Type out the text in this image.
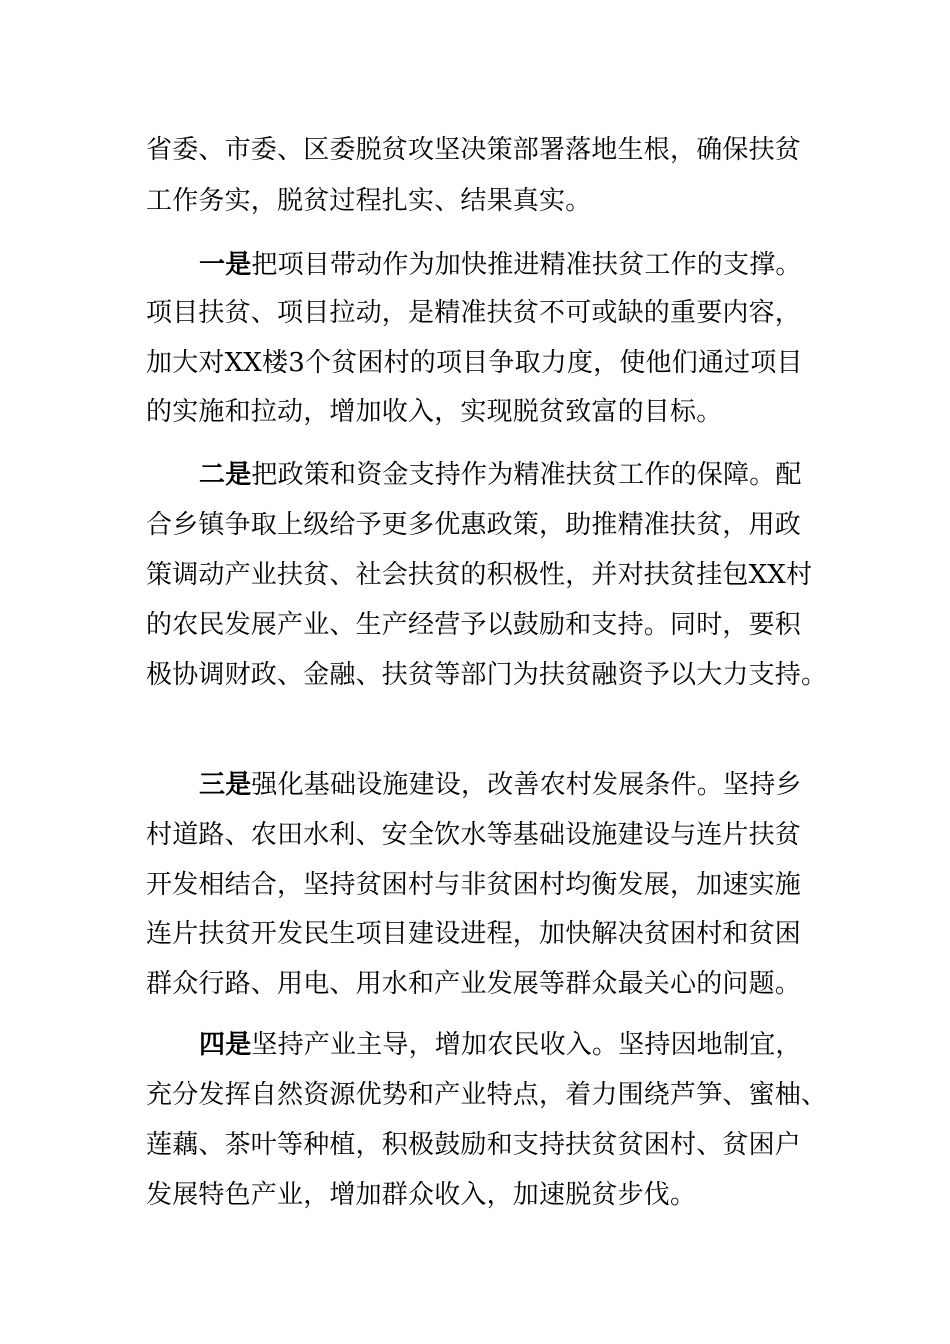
省委、市委、区委脱贫攻坚决策部署落地生根，确保扶贫
工作务实，脱贫过程扎实、结果真实。
一是把项目带动作为加快推进精准扶贫工作的支撑。
项目扶贫、项目拉动，是精准扶贫不可或缺的重要内容，
加大对XX楼3个贫困村的项目争取力度，使他们通过项目
的实施和拉动，增加收入，实现脱贫致富的目标。
二是把政策和资金支持作为精准扶贫工作的保障。配
合乡镇争取上级给予更多优惠政策，助推精准扶贫，用政
策调动产业扶贫、社会扶贫的积极性，并对扶贫挂包XX村
的农民发展产业、生产经营予以鼓励和支持。同时，要积
极协调财政、金融、扶贫等部门为扶贫融资予以大力支持。
三是强化基础设施建设，改善农村发展条件。坚持乡
村道路、农田水利、安全饮水等基础设施建设与连片扶贫
开发相结合，坚持贫困村与非贫困村均衡发展，加速实施
连片扶贫开发民生项目建设进程，加快解决贫困村和贫困
群众行路、用电、用水和产业发展等群众最关心的问题。
四是坚持产业主导，增加农民收入。坚持因地制宜，
充分发挥自然资源优势和产业特点，着力围绕芦笋、蜜柚、
莲藕、茶叶等种植，积极鼓励和支持扶贫贫困村、贫困户
发展特色产业，增加群众收入，加速脱贫步伐。
